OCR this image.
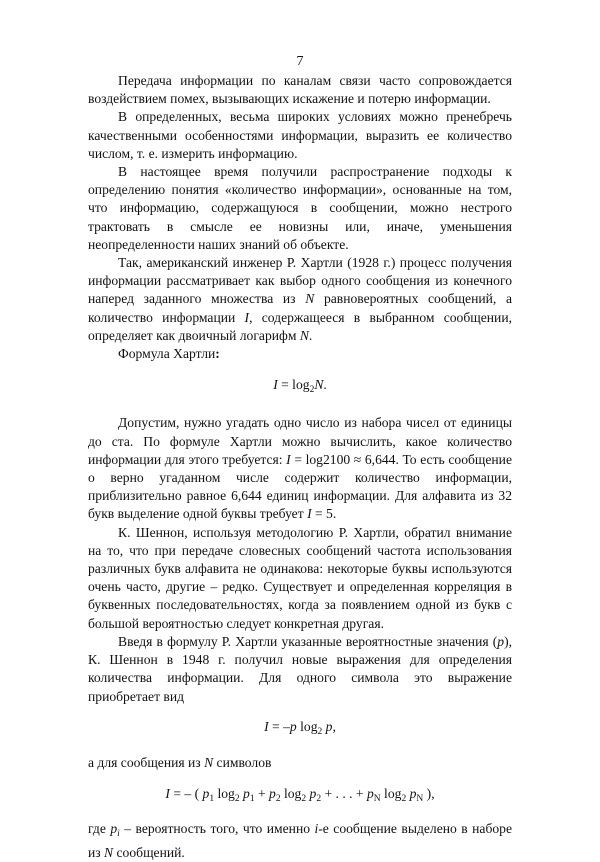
7

Передача информации по каналам связи часто сопровождается воздействием помех, вызывающих искажение и потерю информации.

В определенных, весьма широких условиях можно пренебречь качественными особенностями информации, выразить ее количество числом, т. е. измерить информацию.

В настоящее время получили распространение подходы к определению понятия «количество информации», основанные на том, что информацию, содержащуюся в сообщении, можно нестрого трактовать в смысле ее новизны или, иначе, уменьшения неопределенности наших знаний об объекте.

Так, американский инженер Р. Хартли (1928 г.) процесс получения информации рассматривает как выбор одного сообщения из конечного наперед заданного множества из N равновероятных сообщений, а количество информации I, содержащееся в выбранном сообщении, определяет как двоичный логарифм N.

Формула Хартли:

$I = \log_2N$.

Допустим, нужно угадать одно число из набора чисел от единицы до ста. По формуле Хартли можно вычислить, какое количество информации для этого требуется: I = log2100 ≈ 6,644. То есть сообщение о верно угаданном числе содержит количество информации, приблизительно равное 6,644 единиц информации. Для алфавита из 32 букв выделение одной буквы требует I = 5.

К. Шеннон, используя методологию Р. Хартли, обратил внимание на то, что при передаче словесных сообщений частота использования различных букв алфавита не одинакова: некоторые буквы используются очень часто, другие – редко. Существует и определенная корреляция в буквенных последовательностях, когда за появлением одной из букв с большой вероятностью следует конкретная другая.

Введя в формулу Р. Хартли указанные вероятностные значения (p), К. Шеннон в 1948 г. получил новые выражения для определения количества информации. Для одного символа это выражение приобретает вид

I = –p $\log_2 p$,

а для сообщения из N символов

I = – ( $p_1$ $\log_2 p_1 + p_2$ $\log_2 p_2$ + . . . + $p_N$ $\log_2 p_N$ ),

где $p_i$ – вероятность того, что именно i-е сообщение выделено в наборе из N сообщений.
